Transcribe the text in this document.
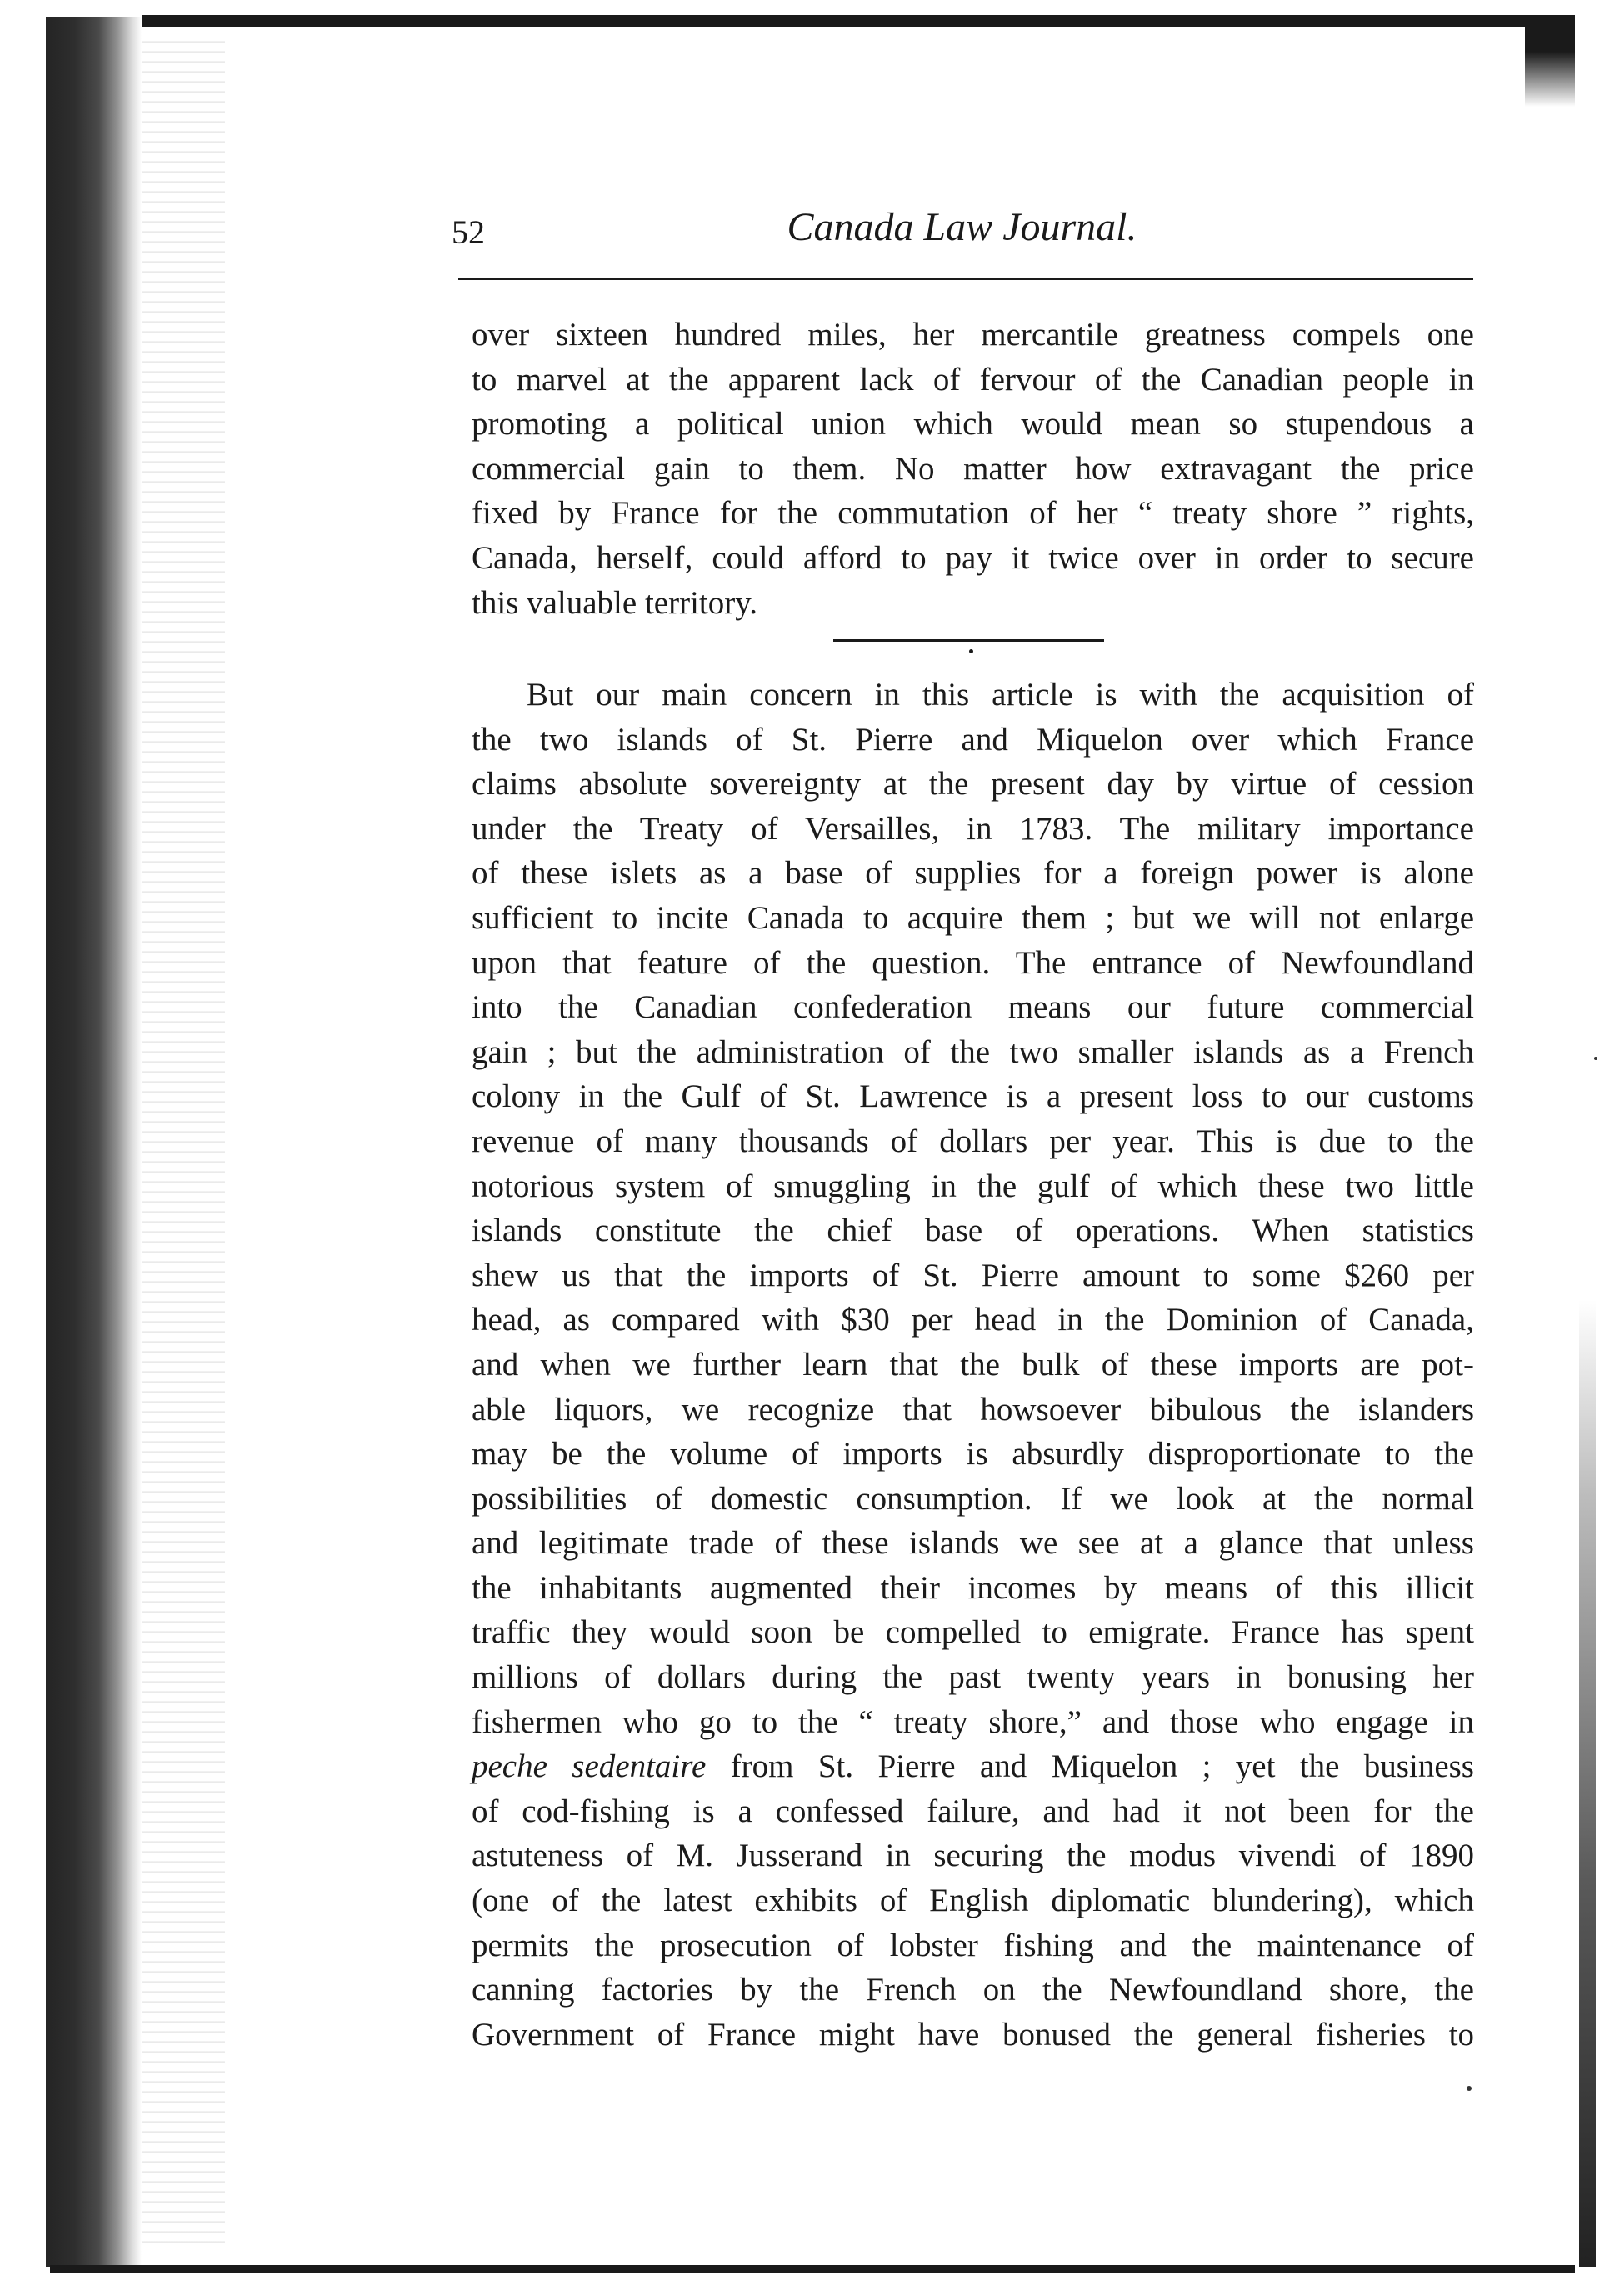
52	Canada Law Journal.
over sixteen hundred miles, her mercantile greatness compels one
to marvel at the apparent lack of fervour of the Canadian people in
promoting a political union which would mean so stupendous a
commercial gain to them. No matter how extravagant the price
fixed by France for the commutation of her “ treaty shore ” rights,
Canada, herself, could afford to pay it twice over in order to secure
this valuable territory.
But our main concern in this article is with the acquisition of
the two islands of St. Pierre and Miquelon over which France
claims absolute sovereignty at the present day by virtue of cession
under the Treaty of Versailles, in 1783. The military importance
of these islets as a base of supplies for a foreign power is alone
sufficient to incite Canada to acquire them ; but we will not enlarge
upon that feature of the question. The entrance of Newfoundland
into the Canadian confederation means our future commercial
gain ; but the administration of the two smaller islands as a French
colony in the Gulf of St. Lawrence is a present loss to our customs
revenue of many thousands of dollars per year. This is due to the
notorious system of smuggling in the gulf of which these two little
islands constitute the chief base of operations. When statistics
shew us that the imports of St. Pierre amount to some $260 per
head, as compared with $30 per head in the Dominion of Canada,
and when we further learn that the bulk of these imports are pot-
able liquors, we recognize that howsoever bibulous the islanders
may be the volume of imports is absurdly disproportionate to the
possibilities of domestic consumption. If we look at the normal
and legitimate trade of these islands we see at a glance that unless
the inhabitants augmented their incomes by means of this illicit
traffic they would soon be compelled to emigrate. France has spent
millions of dollars during the past twenty years in bonusing her
fishermen who go to the “ treaty shore,” and those who engage in
peche sedentaire from St. Pierre and Miquelon ; yet the business
of cod-fishing is a confessed failure, and had it not been for the
astuteness of M. Jusserand in securing the modus vivendi of 1890
(one of the latest exhibits of English diplomatic blundering), which
permits the prosecution of lobster fishing and the maintenance of
canning factories by the French on the Newfoundland shore, the
Government of France might have bonused the general fisheries to
